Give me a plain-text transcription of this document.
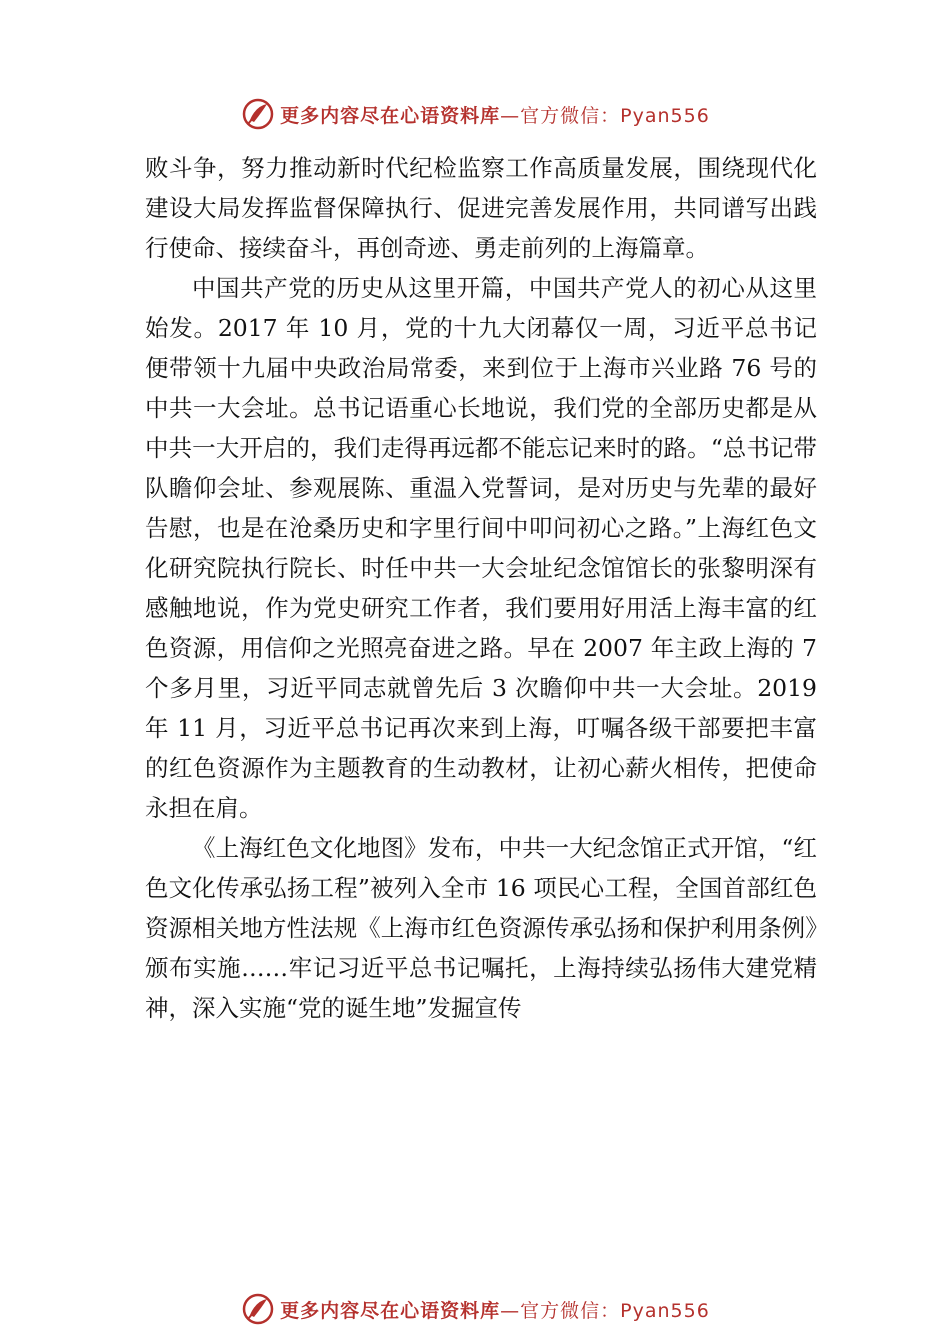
更多内容尽在心语资料库 —官方微信：Pyan556

败斗争，努力推动新时代纪检监察工作高质量发展，围绕现代化建设大局发挥监督保障执行、促进完善发展作用，共同谱写出践行使命、接续奋斗，再创奇迹、勇走前列的上海篇章。

中国共产党的历史从这里开篇，中国共产党人的初心从这里始发。2017 年 10 月，党的十九大闭幕仅一周，习近平总书记便带领十九届中央政治局常委，来到位于上海市兴业路 76 号的中共一大会址。总书记语重心长地说，我们党的全部历史都是从中共一大开启的，我们走得再远都不能忘记来时的路。“总书记带队瞻仰会址、参观展陈、重温入党誓词，是对历史与先辈的最好告慰，也是在沧桑历史和字里行间中叩问初心之路。”上海红色文化研究院执行院长、时任中共一大会址纪念馆馆长的张黎明深有感触地说，作为党史研究工作者，我们要用好用活上海丰富的红色资源，用信仰之光照亮奋进之路。早在 2007 年主政上海的 7 个多月里，习近平同志就曾先后 3 次瞻仰中共一大会址。2019 年 11 月，习近平总书记再次来到上海，叮嘱各级干部要把丰富的红色资源作为主题教育的生动教材，让初心薪火相传，把使命永担在肩。

《上海红色文化地图》发布，中共一大纪念馆正式开馆，“红色文化传承弘扬工程”被列入全市 16 项民心工程，全国首部红色资源相关地方性法规《上海市红色资源传承弘扬和保护利用条例》颁布实施……牢记习近平总书记嘱托，上海持续弘扬伟大建党精神，深入实施“党的诞生地”发掘宣传

更多内容尽在心语资料库 —官方微信：Pyan556
